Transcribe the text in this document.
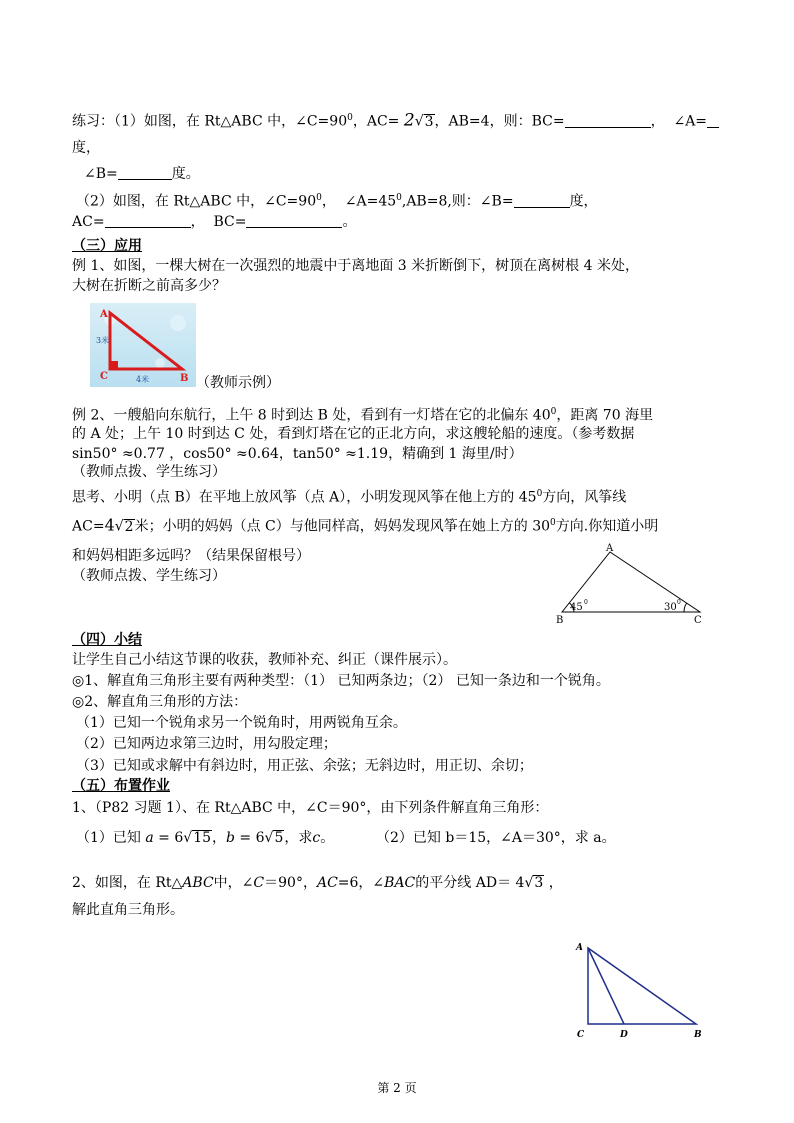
练习：（1）如图，在 Rt△ABC 中，$\angle C=90^0$，AC= 2√3，AB=4，则：BC=	，  ∠A=
度，
∠B=	度。
（2）如图，在 Rt△ABC 中，$\angle C=90^0$，  $\angle A=45^0,AB=8$,则：∠B=	度，
AC=	，  BC=	。
（三）应用
例 1、如图，一棵大树在一次强烈的地震中于离地面 3 米折断倒下，树顶在离树根 4 米处，
大树在折断之前高多少？
A
C	B
3米
4米	（教师示例）
例 2、一艘船向东航行，上午 8 时到达 B 处，看到有一灯塔在它的北偏东 $40^0$，距离 70 海里
的 A 处；上午 10 时到达 C 处，看到灯塔在它的正北方向，求这艘轮船的速度。（参考数据
sin50° ≈0.77 ，cos50° ≈0.64，tan50° ≈1.19，精确到 1 海里/时）
（教师点拨、学生练习）
思考、小明（点 B）在平地上放风筝（点 A），小明发现风筝在他上方的 $45^0$方向，风筝线
AC=4√2米；小明的妈妈（点 C）与他同样高，妈妈发现风筝在她上方的 $30^0$方向.你知道小明
和妈妈相距多远吗？（结果保留根号）
（教师点拨、学生练习）
A
B	C
45 0	30 0
（四）小结
让学生自己小结这节课的收获，教师补充、纠正（课件展示）。
◎1、解直角三角形主要有两种类型：（1） 已知两条边；（2） 已知一条边和一个锐角。
◎2、解直角三角形的方法：
（1）已知一个锐角求另一个锐角时，用两锐角互余。
（2）已知两边求第三边时，用勾股定理；
（3）已知或求解中有斜边时，用正弦、余弦；无斜边时，用正切、余切；
（五）布置作业
1、（P82 习题 1）、在 Rt△ABC 中，∠C＝90°，由下列条件解直角三角形：
（1）已知 a = 6√15，b = 6√5，求c。	（2）已知 b＝15，∠A＝30°，求 a。
2、如图，在 Rt△ABC中，∠C＝90°，AC=6，∠BAC的平分线 AD＝ 4√3 ，
解此直角三角形。
A
C	D	B
第 2 页
